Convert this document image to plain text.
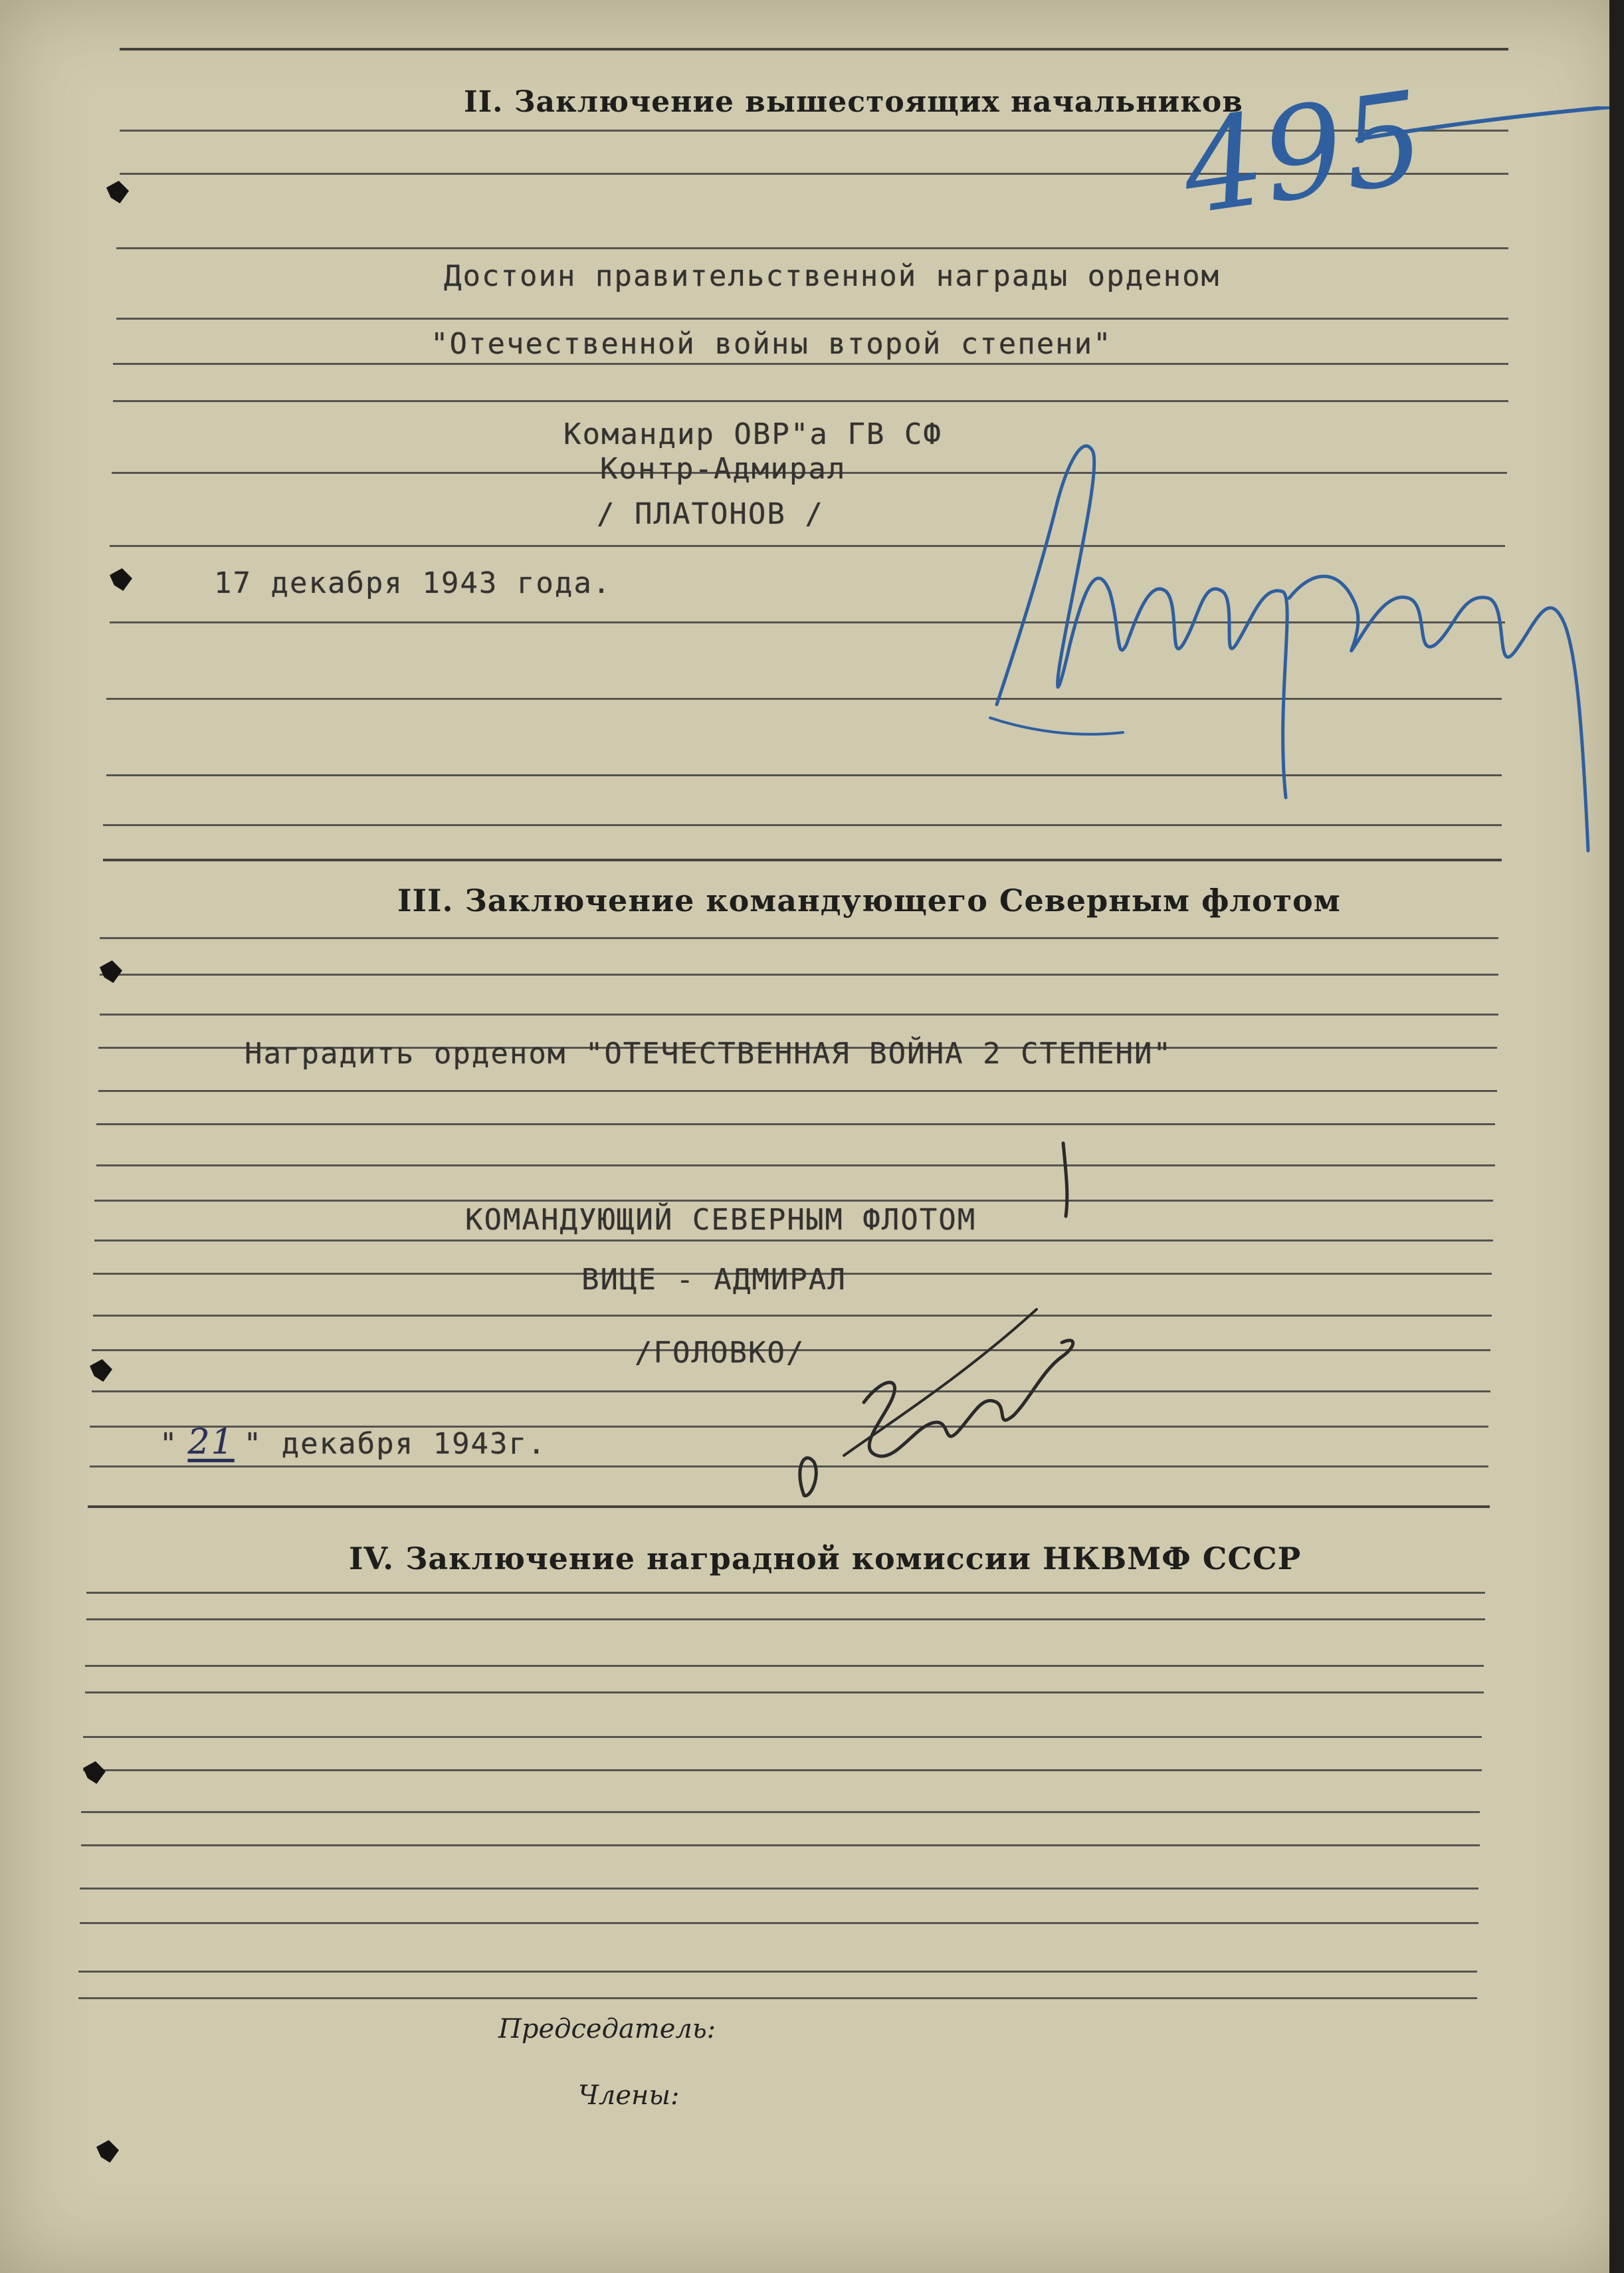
II. Заключение вышестоящих начальников
Достоин правительственной награды орденом
"Отечественной войны второй степени"
Командир ОВР"а ГВ СФ
Контр-Адмирал
/ ПЛАТОНОВ /
17 декабря 1943 года.
495
III. Заключение командующего Северным флотом
Наградить орденом "ОТЕЧЕСТВЕННАЯ ВОЙНА 2 СТЕПЕНИ"
КОМАНДУЮЩИЙ СЕВЕРНЫМ ФЛОТОМ
ВИЦЕ - АДМИРАЛ
/ГОЛОВКО/
" 21 " декабря 1943г.
IV. Заключение наградной комиссии НКВМФ СССР
Председатель:
Члены:
